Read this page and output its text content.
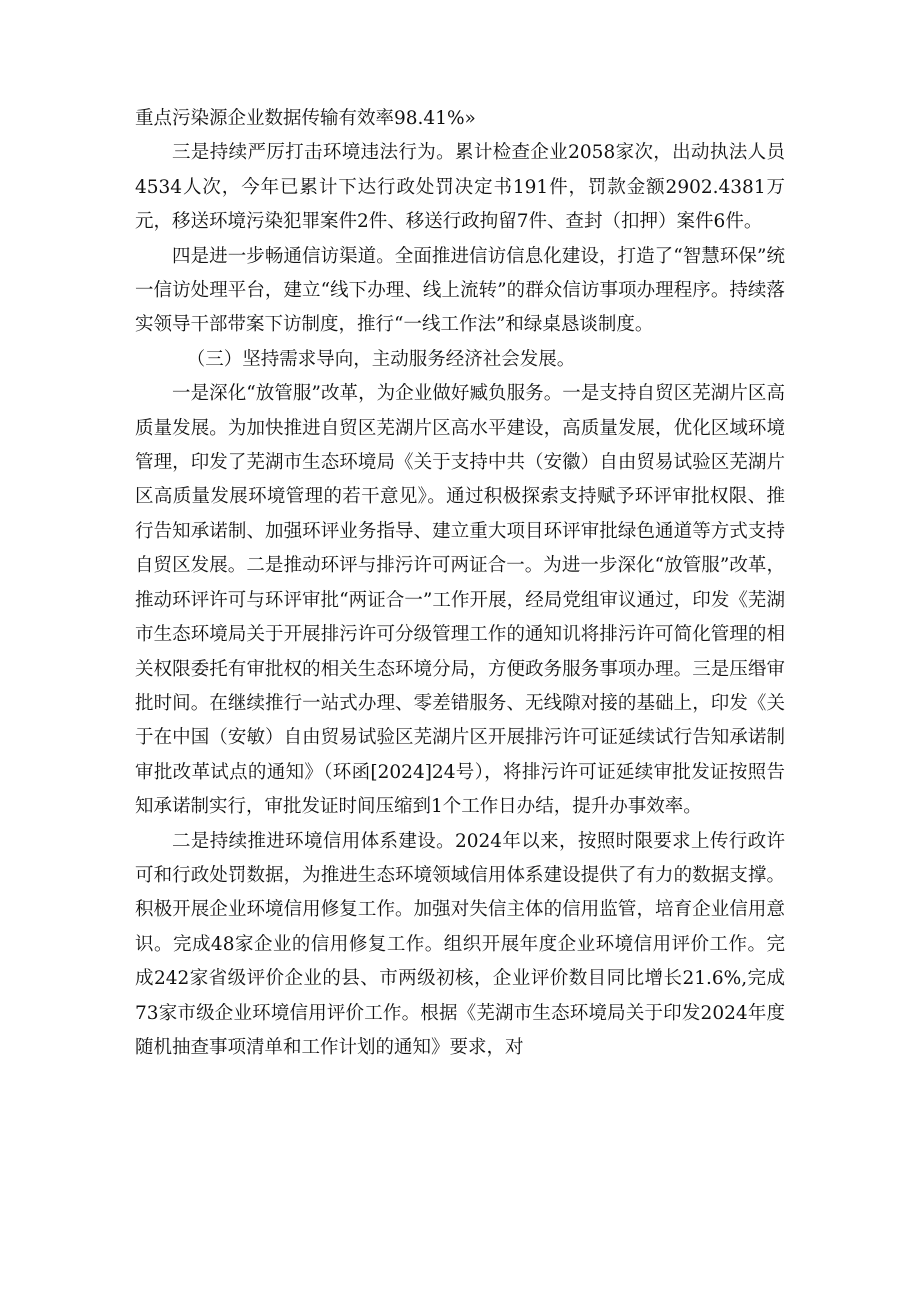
重点污染源企业数据传输有效率98.41%»

三是持续严厉打击环境违法行为。累计检查企业2058家次，出动执法人员4534人次，今年已累计下达行政处罚决定书191件，罚款金额2902.4381万元，移送环境污染犯罪案件2件、移送行政拘留7件、查封（扣押）案件6件。

四是进一步畅通信访渠道。全面推进信访信息化建设，打造了“智慧环保”统一信访处理平台，建立“线下办理、线上流转”的群众信访事项办理程序。持续落实领导干部带案下访制度，推行“一线工作法”和绿桌恳谈制度。

（三）坚持需求导向，主动服务经济社会发展。

一是深化“放管服”改革，为企业做好臧负服务。一是支持自贸区芜湖片区高质量发展。为加快推进自贸区芜湖片区高水平建设，高质量发展，优化区域环境管理，印发了芜湖市生态环境局《关于支持中共（安徽）自由贸易试验区芜湖片区高质量发展环境管理的若干意见》。通过积极探索支持赋予环评审批权限、推行告知承诺制、加强环评业务指导、建立重大项目环评审批绿色通道等方式支持自贸区发展。二是推动环评与排污许可两证合一。为进一步深化“放管服”改革，推动环评许可与环评审批“两证合一”工作开展，经局党组审议通过，印发《芜湖市生态环境局关于开展排污许可分级管理工作的通知讥将排污许可简化管理的相关权限委托有审批权的相关生态环境分局，方便政务服务事项办理。三是压缗审批时间。在继续推行一站式办理、零差错服务、无线隙对接的基础上，印发《关于在中国（安敏）自由贸易试验区芜湖片区开展排污许可证延续试行告知承诺制审批改革试点的通知》（环函[2024]24号），将排污许可证延续审批发证按照告知承诺制实行，审批发证时间压缩到1个工作日办结，提升办事效率。

二是持续推进环境信用体系建设。2024年以来，按照时限要求上传行政许可和行政处罚数据，为推进生态环境领域信用体系建设提供了有力的数据支撑。积极开展企业环境信用修复工作。加强对失信主体的信用监管，培育企业信用意识。完成48家企业的信用修复工作。组织开展年度企业环境信用评价工作。完成242家省级评价企业的县、市两级初核，企业评价数目同比增长21.6%,完成73家市级企业环境信用评价工作。根据《芜湖市生态环境局关于印发2024年度随机抽查事项清单和工作计划的通知》要求，对
